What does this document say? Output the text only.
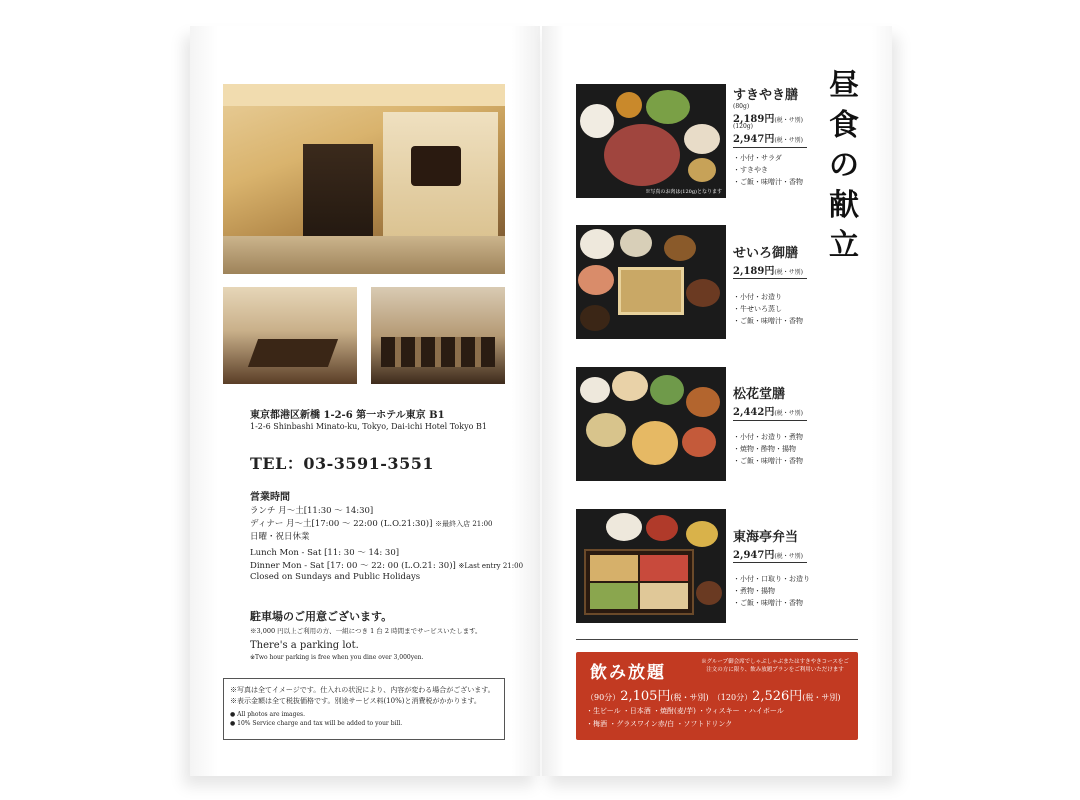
東京都港区新橋 1-2-6 第一ホテル東京 B1
1-2-6 Shinbashi Minato-ku, Tokyo, Dai-ichi Hotel Tokyo B1
TEL：03-3591-3551
営業時間
ランチ 月～土[11:30 ～ 14:30]
ディナー 月～土[17:00 ～ 22:00 (L.O.21:30)] ※最終入店 21:00
日曜・祝日休業
Lunch Mon - Sat [11: 30 ～ 14: 30]
Dinner Mon - Sat [17: 00 ～ 22: 00 (L.O.21: 30)] ※Last entry 21:00
Closed on Sundays and Public Holidays
駐車場のご用意ございます。
※3,000 円以上ご利用の方、一組につき 1 台 2 時間までサービスいたします。
There's a parking lot.
※Two hour parking is free when you dine over 3,000yen.
※写真は全てイメージです。仕入れの状況により、内容が変わる場合がございます。
※表示金額は全て税抜価格です。別途サービス料(10%)と消費税がかかります。
● All photos are images.
● 10% Service charge and tax will be added to your bill.
昼
食
の
献
立
※写真のお肉は(120g)となります
すきやき膳
(80g)
2,189円(税・サ別)
(120g)
2,947円(税・サ別)
・小付・サラダ
・すきやき
・ご飯・味噌汁・香物
せいろ御膳
2,189円(税・サ別)
・小付・お造り
・牛せいろ蒸し
・ご飯・味噌汁・香物
松花堂膳
2,442円(税・サ別)
・小付・お造り・煮物
・焼物・酢物・揚物
・ご飯・味噌汁・香物
東海亭弁当
2,947円(税・サ別)
・小付・口取り・お造り
・煮物・揚物
・ご飯・味噌汁・香物
飲み放題
※グループ御会席でしゃぶしゃぶまたはすきやきコースをご注文の方に限り、飲み放題プランをご利用いただけます
（90分）2,105円(税・サ別) （120分）2,526円(税・サ別)
・生ビール ・日本酒 ・焼酎(麦/芋) ・ウィスキー ・ハイボール
・梅酒 ・グラスワイン赤/白 ・ソフトドリンク
